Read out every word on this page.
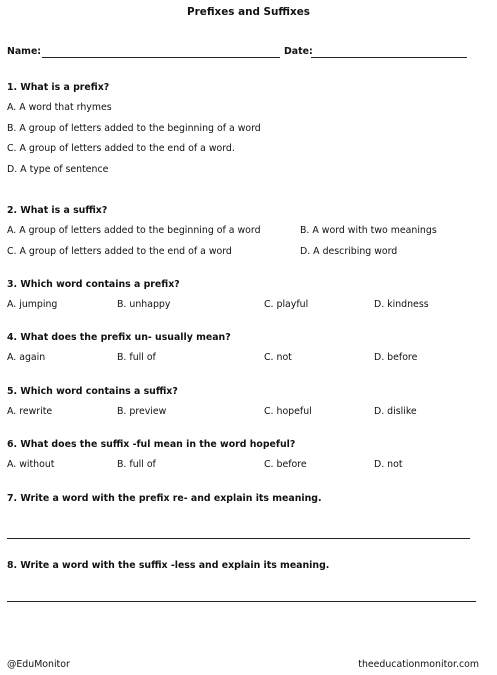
Prefixes and Suffixes
Name:	Date:
1. What is a prefix?
A. A word that rhymes
B. A group of letters added to the beginning of a word
C. A group of letters added to the end of a word.
D. A type of sentence
2. What is a suffix?
A. A group of letters added to the beginning of a word	B. A word with two meanings
C. A group of letters added to the end of a word	D. A describing word
3. Which word contains a prefix?
A. jumping	B. unhappy	C. playful	D. kindness
4. What does the prefix un- usually mean?
A. again	B. full of	C. not	D. before
5. Which word contains a suffix?
A. rewrite	B. preview	C. hopeful	D. dislike
6. What does the suffix -ful mean in the word hopeful?
A. without	B. full of	C. before	D. not
7. Write a word with the prefix re- and explain its meaning.
8. Write a word with the suffix -less and explain its meaning.
@EduMonitor	theeducationmonitor.com
